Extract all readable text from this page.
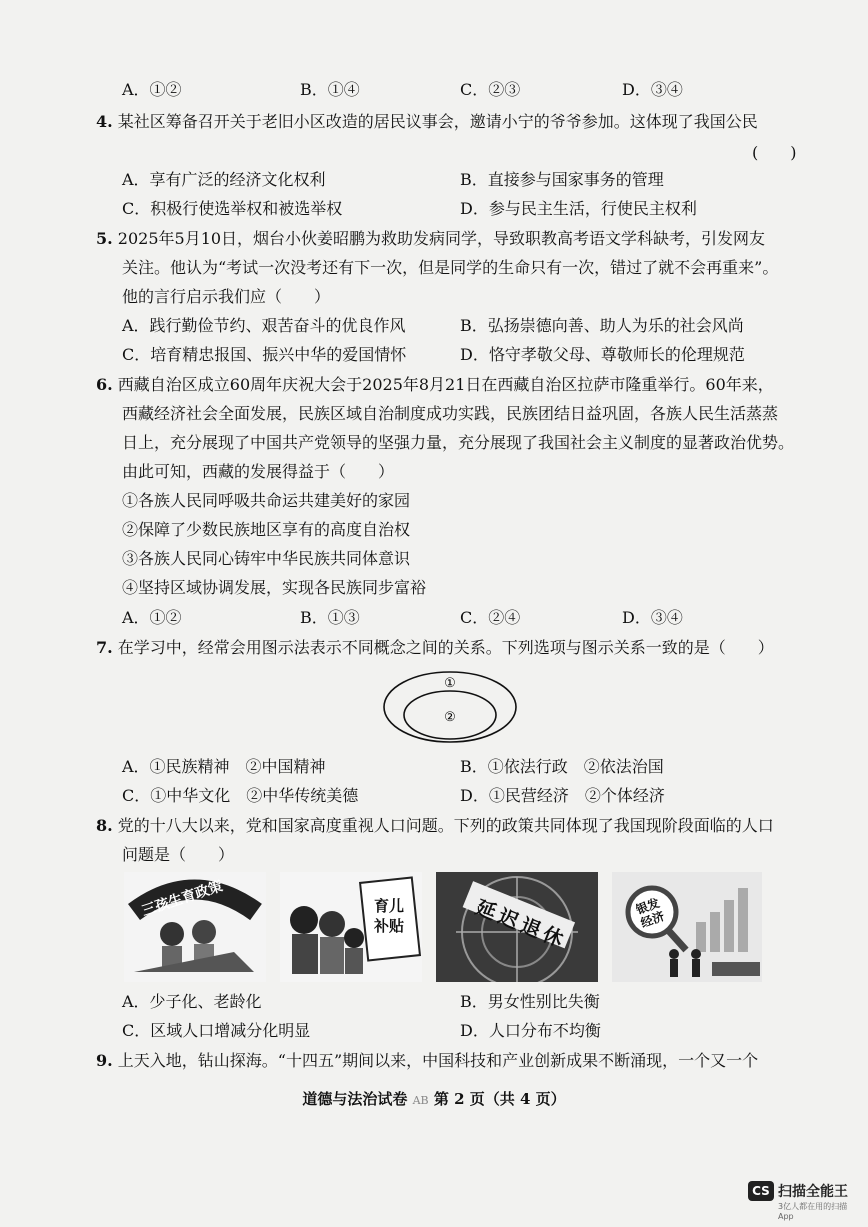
A．①②	B．①④	C．②③	D．③④
4. 某社区筹备召开关于老旧小区改造的居民议事会，邀请小宁的爷爷参加。这体现了我国公民
(　　)
A．享有广泛的经济文化权利	B．直接参与国家事务的管理
C．积极行使选举权和被选举权	D．参与民主生活，行使民主权利
5. 2025年5月10日，烟台小伙姜昭鹏为救助发病同学，导致职教高考语文学科缺考，引发网友
关注。他认为“考试一次没考还有下一次，但是同学的生命只有一次，错过了就不会再重来”。
他的言行启示我们应（　　）
A．践行勤俭节约、艰苦奋斗的优良作风	B．弘扬崇德向善、助人为乐的社会风尚
C．培育精忠报国、振兴中华的爱国情怀	D．恪守孝敬父母、尊敬师长的伦理规范
6. 西藏自治区成立60周年庆祝大会于2025年8月21日在西藏自治区拉萨市隆重举行。60年来，
西藏经济社会全面发展，民族区域自治制度成功实践，民族团结日益巩固，各族人民生活蒸蒸
日上，充分展现了中国共产党领导的坚强力量，充分展现了我国社会主义制度的显著政治优势。
由此可知，西藏的发展得益于（　　）
①各族人民同呼吸共命运共建美好的家园
②保障了少数民族地区享有的高度自治权
③各族人民同心铸牢中华民族共同体意识
④坚持区域协调发展，实现各民族同步富裕
A．①②	B．①③	C．②④	D．③④
7. 在学习中，经常会用图示法表示不同概念之间的关系。下列选项与图示关系一致的是（　　）
①
②
A．①民族精神　②中国精神	B．①依法行政　②依法治国
C．①中华文化　②中华传统美德	D．①民营经济　②个体经济
8. 党的十八大以来，党和国家高度重视人口问题。下列的政策共同体现了我国现阶段面临的人口
问题是（　　）
三孩生育政策	育儿补贴	延迟退休	银发经济
A．少子化、老龄化	B．男女性别比失衡
C．区域人口增减分化明显	D．人口分布不均衡
9. 上天入地，钻山探海。“十四五”期间以来，中国科技和产业创新成果不断涌现，一个又一个
道德与法治试卷 AB 第 2 页（共 4 页）
CS 扫描全能王
3亿人都在用的扫描App
